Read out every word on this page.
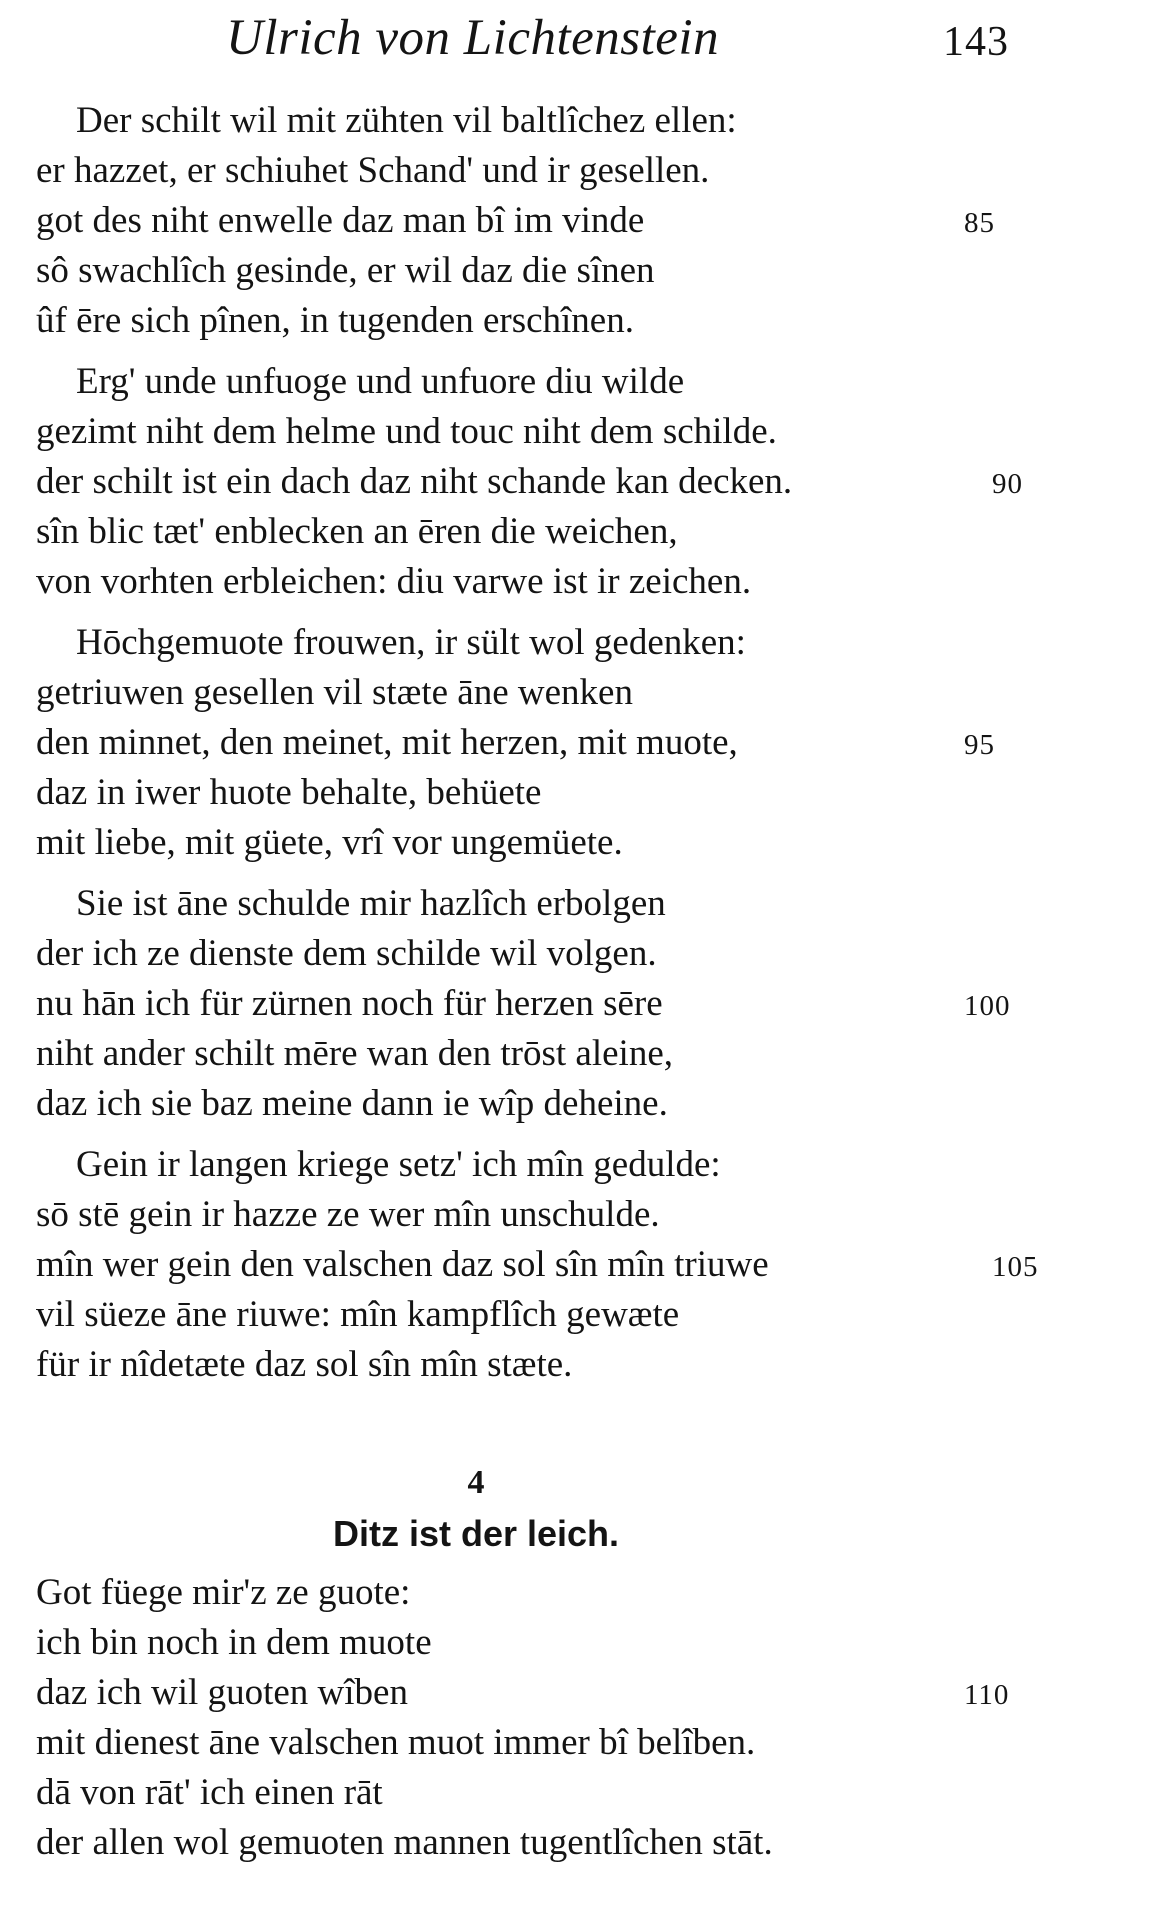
Ulrich von Lichtenstein	143
Der schilt wil mit zühten vil baltlîchez ellen:
er hazzet, er schiuhet Schand' und ir gesellen.
got des niht enwelle daz man bî im vinde	85
sô swachlîch gesinde, er wil daz die sînen
ûf ēre sich pînen, in tugenden erschînen.
Erg' unde unfuoge und unfuore diu wilde
gezimt niht dem helme und touc niht dem schilde.
der schilt ist ein dach daz niht schande kan decken.	90
sîn blic tæt' enblecken an ēren die weichen,
von vorhten erbleichen: diu varwe ist ir zeichen.
Hōchgemuote frouwen, ir sült wol gedenken:
getriuwen gesellen vil stæte āne wenken
den minnet, den meinet, mit herzen, mit muote,	95
daz in iwer huote behalte, behüete
mit liebe, mit güete, vrî vor ungemüete.
Sie ist āne schulde mir hazlîch erbolgen
der ich ze dienste dem schilde wil volgen.
nu hān ich für zürnen noch für herzen sēre	100
niht ander schilt mēre wan den trōst aleine,
daz ich sie baz meine dann ie wîp deheine.
Gein ir langen kriege setz' ich mîn gedulde:
sō stē gein ir hazze ze wer mîn unschulde.
mîn wer gein den valschen daz sol sîn mîn triuwe	105
vil süeze āne riuwe: mîn kampflîch gewæte
für ir nîdetæte daz sol sîn mîn stæte.
4
Ditz ist der leich.
Got füege mir'z ze guote:
ich bin noch in dem muote
daz ich wil guoten wîben	110
mit dienest āne valschen muot immer bî belîben.
dā von rāt' ich einen rāt
der allen wol gemuoten mannen tugentlîchen stāt.
